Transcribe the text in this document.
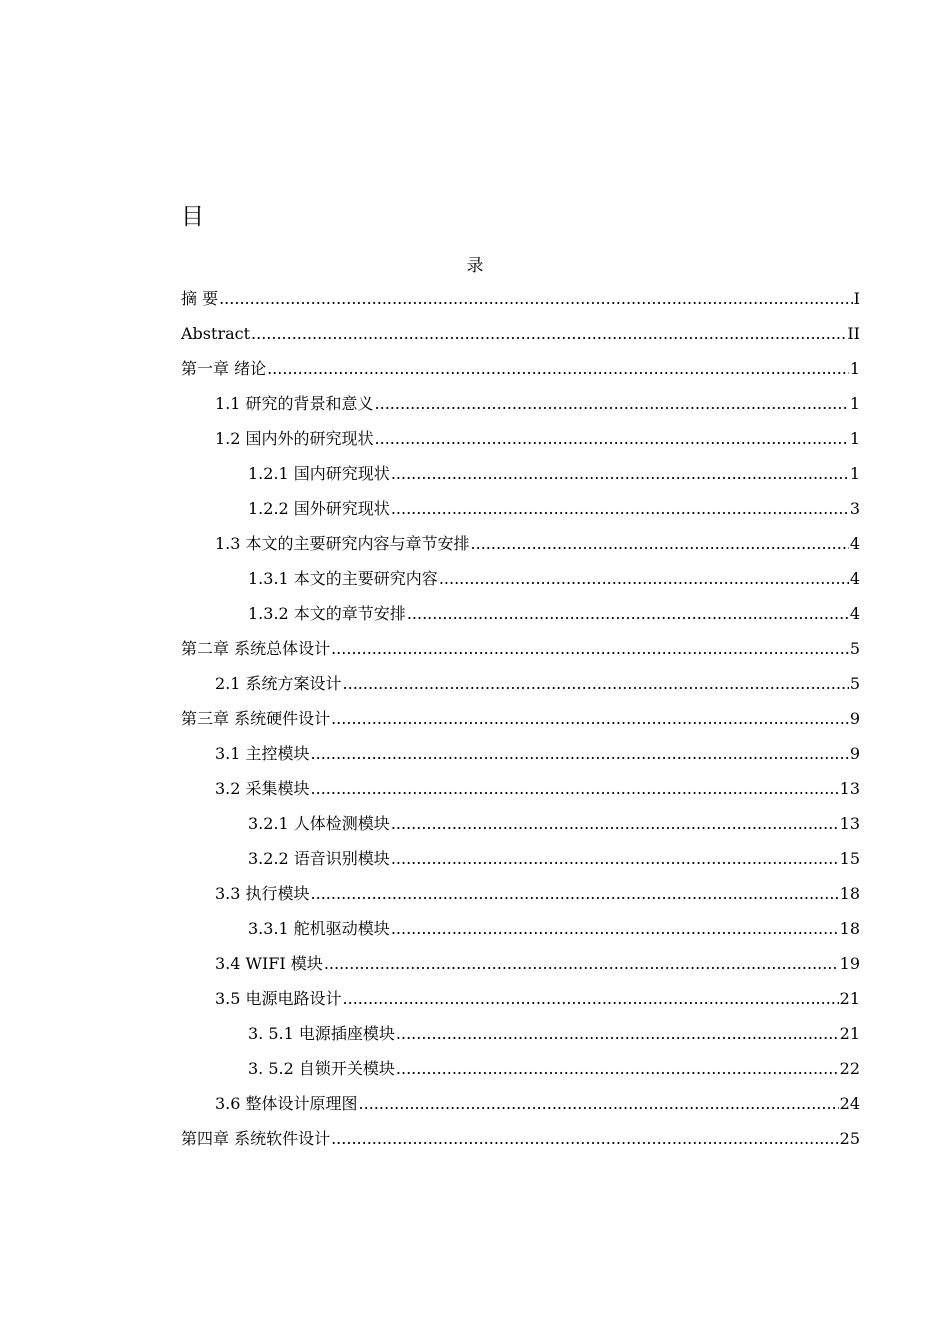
目
录
摘 要 .....	I
Abstract .....	II
第一章 绪论 .....	1
1.1 研究的背景和意义 .....	1
1.2 国内外的研究现状 .....	1
1.2.1 国内研究现状 .....	1
1.2.2 国外研究现状 .....	3
1.3 本文的主要研究内容与章节安排 .....	4
1.3.1 本文的主要研究内容 .....	4
1.3.2 本文的章节安排 .....	4
第二章 系统总体设计 .....	5
2.1 系统方案设计 .....	5
第三章 系统硬件设计 .....	9
3.1 主控模块 .....	9
3.2 采集模块 .....	13
3.2.1 人体检测模块 .....	13
3.2.2 语音识别模块 .....	15
3.3 执行模块 .....	18
3.3.1 舵机驱动模块 .....	18
3.4 WIFI 模块 .....	19
3.5 电源电路设计 .....	21
3. 5.1 电源插座模块 .....	21
3. 5.2 自锁开关模块 .....	22
3.6 整体设计原理图 .....	24
第四章 系统软件设计 .....	25
